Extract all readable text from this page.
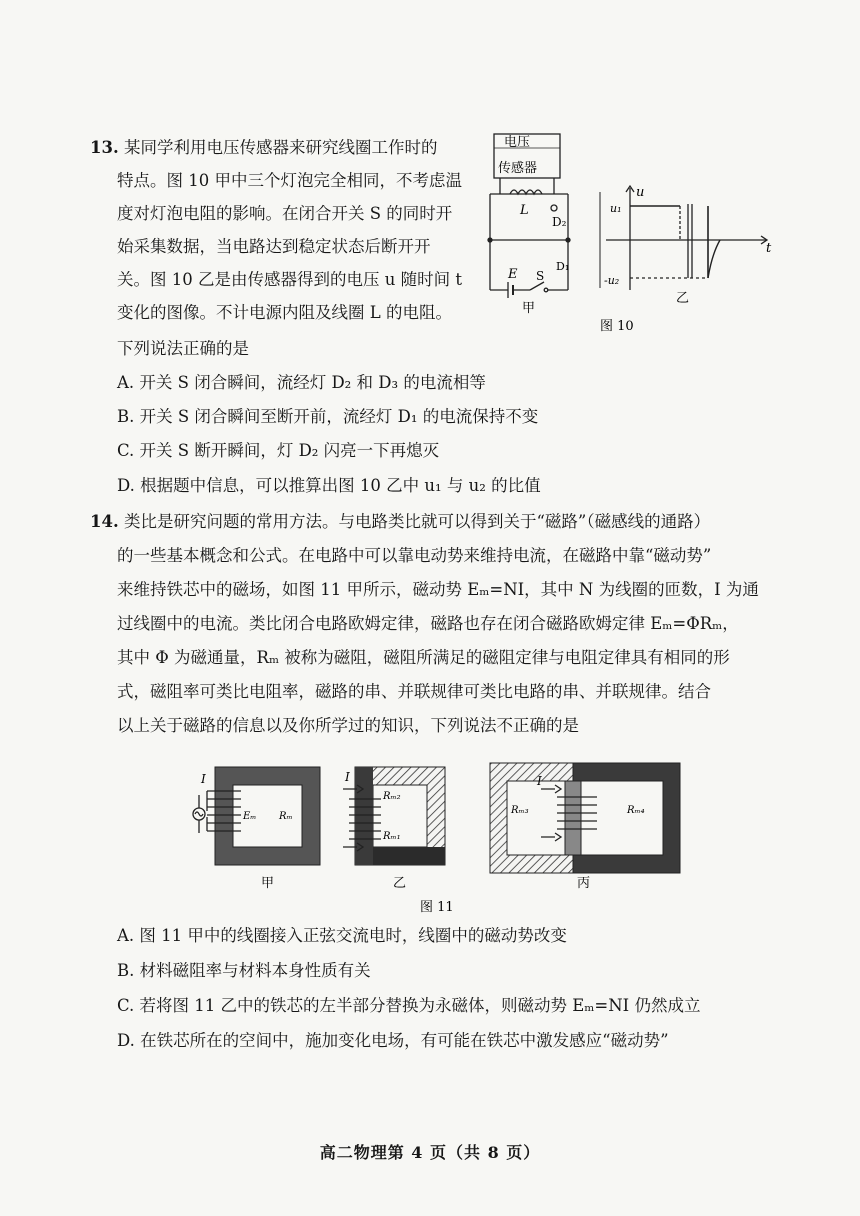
13. 某同学利用电压传感器来研究线圈工作时的
特点。图 10 甲中三个灯泡完全相同，不考虑温
度对灯泡电阻的影响。在闭合开关 S 的同时开
始采集数据，当电路达到稳定状态后断开开
关。图 10 乙是由传感器得到的电压 u 随时间 t
变化的图像。不计电源内阻及线圈 L 的电阻。
下列说法正确的是
A. 开关 S 闭合瞬间，流经灯 D₂ 和 D₃ 的电流相等
B. 开关 S 闭合瞬间至断开前，流经灯 D₁ 的电流保持不变
C. 开关 S 断开瞬间，灯 D₂ 闪亮一下再熄灭
D. 根据题中信息，可以推算出图 10 乙中 u₁ 与 u₂ 的比值
电压
传感器
L
D₂
D₁
E S
甲
u
t
u₁
-u₂
乙
图 10
14. 类比是研究问题的常用方法。与电路类比就可以得到关于“磁路”（磁感线的通路）
的一些基本概念和公式。在电路中可以靠电动势来维持电流，在磁路中靠“磁动势”
来维持铁芯中的磁场，如图 11 甲所示，磁动势 Eₘ=NI，其中 N 为线圈的匝数，I 为通
过线圈中的电流。类比闭合电路欧姆定律，磁路也存在闭合磁路欧姆定律 Eₘ=ΦRₘ，
其中 Φ 为磁通量，Rₘ 被称为磁阻，磁阻所满足的磁阻定律与电阻定律具有相同的形
式，磁阻率可类比电阻率，磁路的串、并联规律可类比电路的串、并联规律。结合
以上关于磁路的信息以及你所学过的知识，下列说法不正确的是
I
Eₘ Rₘ
甲
I
Rₘ₂
Rₘ₁
乙
I
Rₘ₃	Rₘ₄
丙
图 11
A. 图 11 甲中的线圈接入正弦交流电时，线圈中的磁动势改变
B. 材料磁阻率与材料本身性质有关
C. 若将图 11 乙中的铁芯的左半部分替换为永磁体，则磁动势 Eₘ=NI 仍然成立
D. 在铁芯所在的空间中，施加变化电场，有可能在铁芯中激发感应“磁动势”
高二物理第 4 页（共 8 页）
